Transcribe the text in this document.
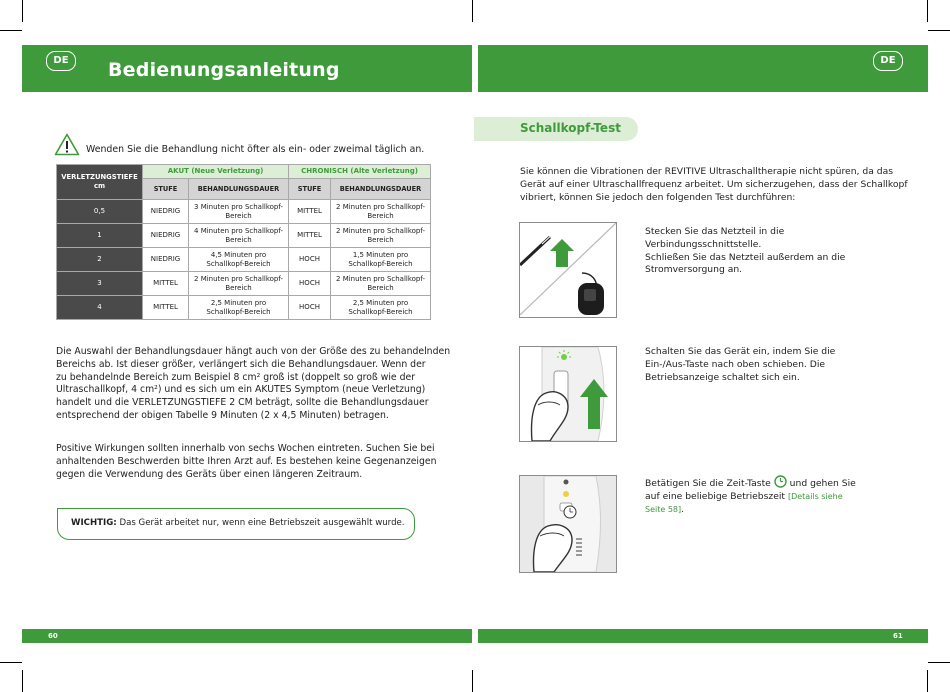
DE	DE
Bedienungsanleitung
60	61
Wenden Sie die Behandlung nicht öfter als ein- oder zweimal täglich an.
VERLETZUNGSTIEFE cm	AKUT (Neue Verletzung)		CHRONISCH (Alte Verletzung)	
	STUFE	BEHANDLUNGSDAUER	STUFE	BEHANDLUNGSDAUER
0,5	NIEDRIG	3 Minuten pro Schallkopf-Bereich	MITTEL	2 Minuten pro Schallkopf-Bereich
1	NIEDRIG	4 Minuten pro Schallkopf-Bereich	MITTEL	2 Minuten pro Schallkopf-Bereich
2	NIEDRIG	4,5 Minuten pro Schallkopf-Bereich	HOCH	1,5 Minuten pro Schallkopf-Bereich
3	MITTEL	2 Minuten pro Schallkopf-Bereich	HOCH	2 Minuten pro Schallkopf-Bereich
4	MITTEL	2,5 Minuten pro Schallkopf-Bereich	HOCH	2,5 Minuten pro Schallkopf-Bereich
Die Auswahl der Behandlungsdauer hängt auch von der Größe des zu behandelnden
Bereichs ab. Ist dieser größer, verlängert sich die Behandlungsdauer. Wenn der
zu behandelnde Bereich zum Beispiel 8 cm² groß ist (doppelt so groß wie der
Ultraschallkopf, 4 cm²) und es sich um ein AKUTES Symptom (neue Verletzung)
handelt und die VERLETZUNGSTIEFE 2 CM beträgt, sollte die Behandlungsdauer
entsprechend der obigen Tabelle 9 Minuten (2 x 4,5 Minuten) betragen.
Positive Wirkungen sollten innerhalb von sechs Wochen eintreten. Suchen Sie bei
anhaltenden Beschwerden bitte Ihren Arzt auf. Es bestehen keine Gegenanzeigen
gegen die Verwendung des Geräts über einen längeren Zeitraum.
WICHTIG: Das Gerät arbeitet nur, wenn eine Betriebszeit ausgewählt wurde.
Schallkopf-Test
Sie können die Vibrationen der REVITIVE Ultraschalltherapie nicht spüren, da das
Gerät auf einer Ultraschallfrequenz arbeitet. Um sicherzugehen, dass der Schallkopf
vibriert, können Sie jedoch den folgenden Test durchführen:
Stecken Sie das Netzteil in die
Verbindungsschnittstelle.
Schließen Sie das Netzteil außerdem an die
Stromversorgung an.
Schalten Sie das Gerät ein, indem Sie die
Ein-/Aus-Taste nach oben schieben. Die
Betriebsanzeige schaltet sich ein.
Betätigen Sie die Zeit-Taste  und gehen Sie
auf eine beliebige Betriebszeit [Details siehe
Seite 58].
